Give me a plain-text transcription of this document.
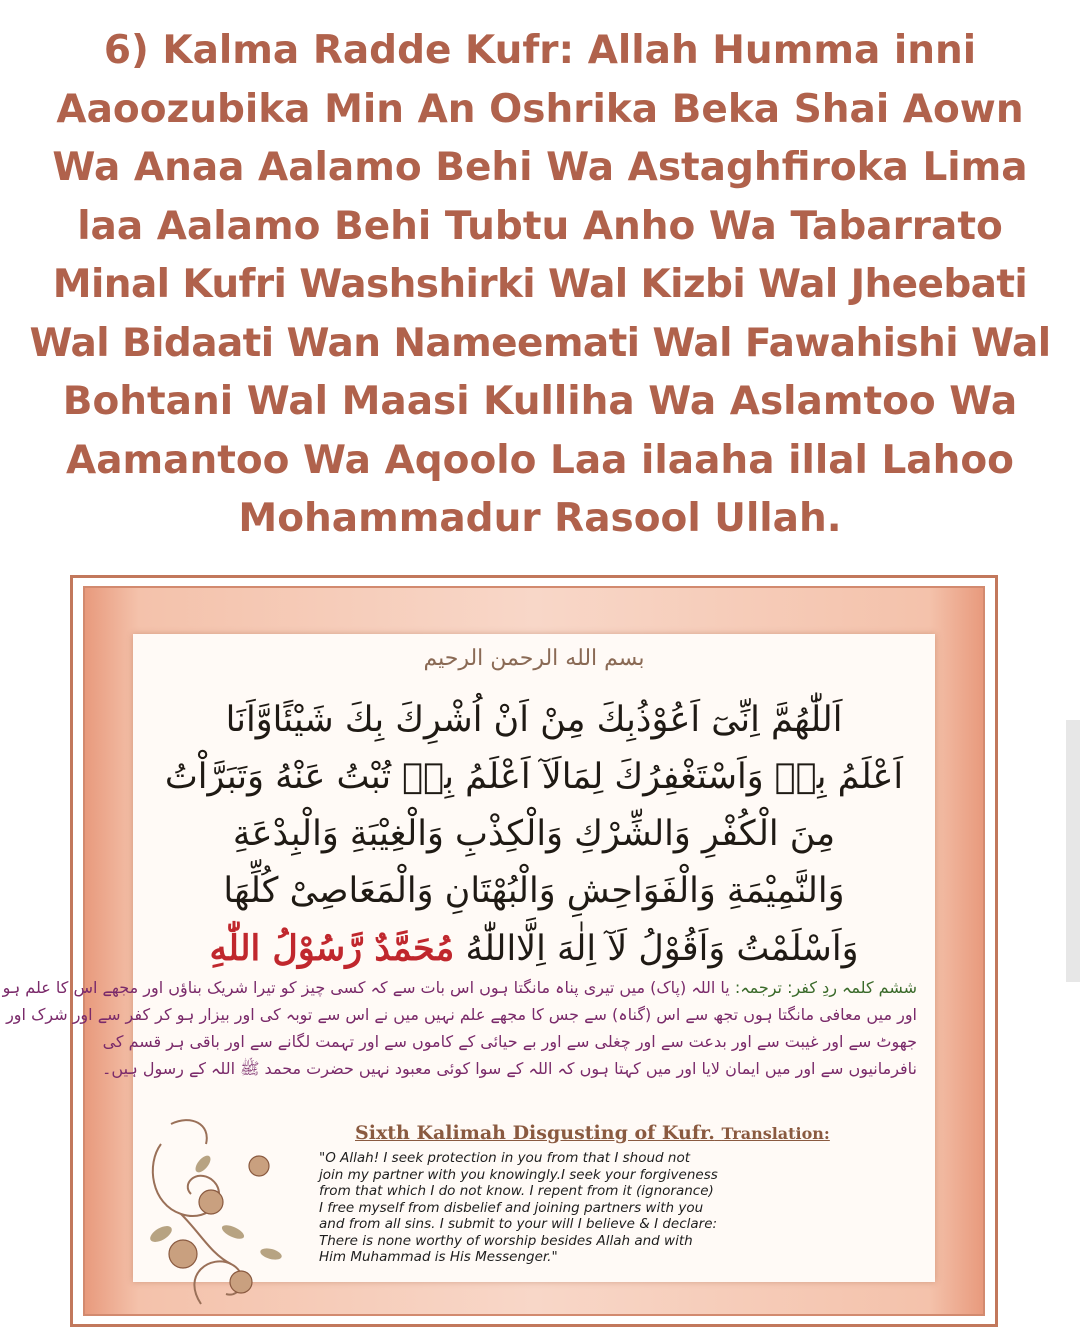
6) Kalma Radde Kufr: Allah Humma inni
Aaoozubika Min An Oshrika Beka Shai Aown
Wa Anaa Aalamo Behi Wa Astaghfiroka Lima
laa Aalamo Behi Tubtu Anho Wa Tabarrato
Minal Kufri Washshirki Wal Kizbi Wal Jheebati
Wal Bidaati Wan Nameemati Wal Fawahishi Wal
Bohtani Wal Maasi Kulliha Wa Aslamtoo Wa
Aamantoo Wa Aqoolo Laa ilaaha illal Lahoo
Mohammadur Rasool Ullah.
بسم الله الرحمن الرحيم
اَللّٰهُمَّ اِنِّیٓ اَعُوْذُبِكَ مِنْ اَنْ اُشْرِكَ بِكَ شَيْئًاوَّاَنَا
اَعْلَمُ بِهٖ وَاَسْتَغْفِرُكَ لِمَالَآ اَعْلَمُ بِهٖ تُبْتُ عَنْهُ وَتَبَرَّاْتُ
مِنَ الْكُفْرِ وَالشِّرْكِ وَالْكِذْبِ وَالْغِيْبَةِ وَالْبِدْعَةِ
وَالنَّمِيْمَةِ وَالْفَوَاحِشِ وَالْبُهْتَانِ وَالْمَعَاصِىْ كُلِّهَا
وَاَسْلَمْتُ وَاَقُوْلُ لَآ اِلٰهَ اِلَّااللّٰهُ مُحَمَّدٌ رَّسُوْلُ اللّٰهِ
ششم کلمہ ردِ کفر: ترجمہ: یا اللہ (پاک) میں تیری پناہ مانگتا ہوں اس بات سے کہ کسی چیز کو تیرا شریک بناؤں اور مجھے اس کا علم ہو
اور میں معافی مانگتا ہوں تجھ سے اس (گناہ) سے جس کا مجھے علم نہیں میں نے اس سے توبہ کی اور بیزار ہو کر کفر سے اور شرک اور
جھوٹ سے اور غیبت سے اور بدعت سے اور چغلی سے اور بے حیائی کے کاموں سے اور تہمت لگانے سے اور باقی ہر قسم کی
نافرمانیوں سے اور میں ایمان لایا اور میں کہتا ہوں کہ اللہ کے سوا کوئی معبود نہیں حضرت محمد ﷺ اللہ کے رسول ہیں۔
Sixth Kalimah Disgusting of Kufr. Translation:
"O Allah! I seek protection in you from that I shoud not
join my partner with you knowingly.I seek your forgiveness
from that which I do not know. I repent from it (ignorance)
I free myself from disbelief and joining partners with you
and from all sins. I submit to your will I believe & I declare:
There is none worthy of worship besides Allah and with
Him Muhammad is His Messenger."
